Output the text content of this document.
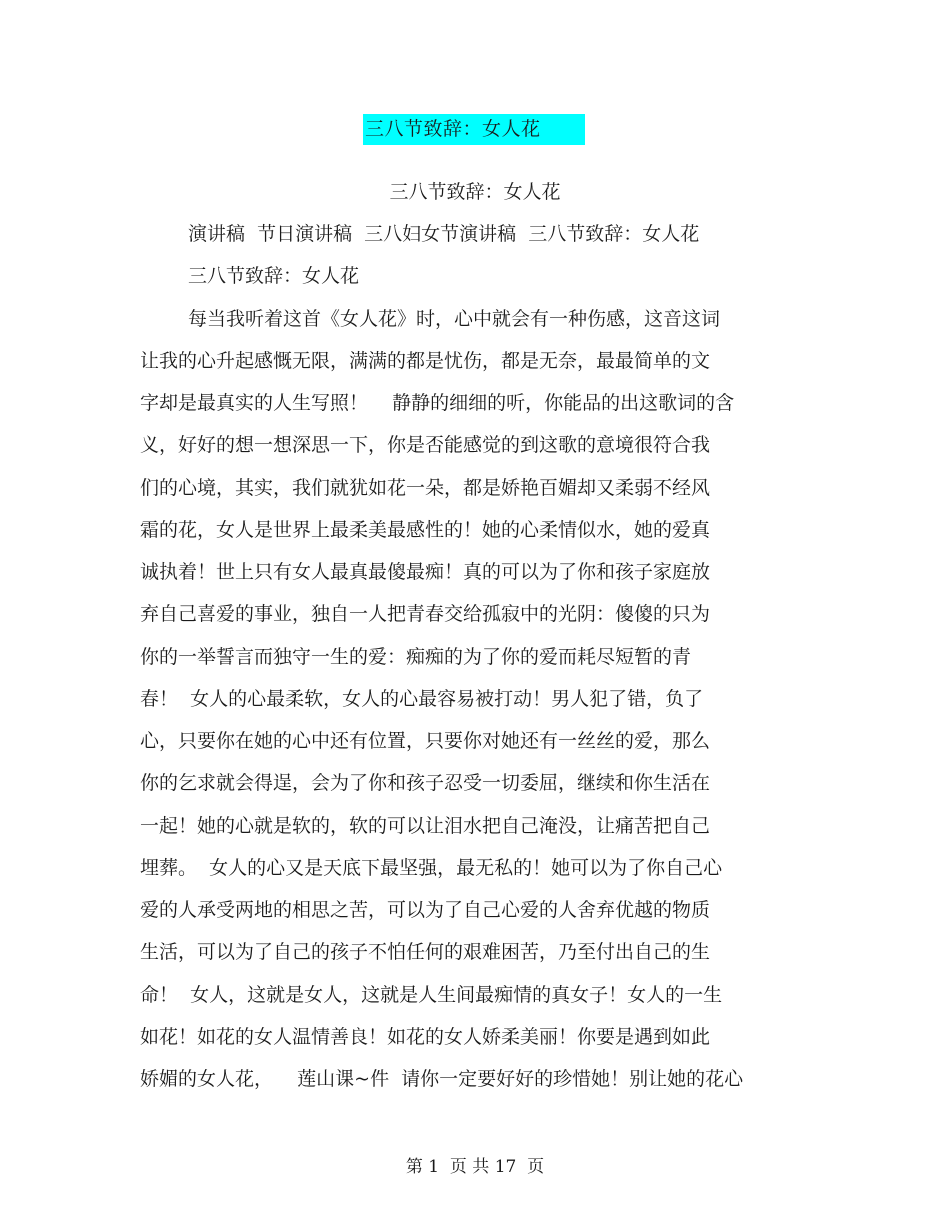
三八节致辞：女人花
三八节致辞：女人花
演讲稿  节日演讲稿  三八妇女节演讲稿  三八节致辞：女人花
三八节致辞：女人花
每当我听着这首《女人花》时，心中就会有一种伤感，这音这词
让我的心升起感慨无限，满满的都是忧伤，都是无奈，最最简单的文
字却是最真实的人生写照！    静静的细细的听，你能品的出这歌词的含
义，好好的想一想深思一下，你是否能感觉的到这歌的意境很符合我
们的心境，其实，我们就犹如花一朵，都是娇艳百媚却又柔弱不经风
霜的花，女人是世界上最柔美最感性的！她的心柔情似水，她的爱真
诚执着！世上只有女人最真最傻最痴！真的可以为了你和孩子家庭放
弃自己喜爱的事业，独自一人把青春交给孤寂中的光阴：傻傻的只为
你的一举誓言而独守一生的爱：痴痴的为了你的爱而耗尽短暂的青
春！  女人的心最柔软，女人的心最容易被打动！男人犯了错，负了
心，只要你在她的心中还有位置，只要你对她还有一丝丝的爱，那么
你的乞求就会得逞，会为了你和孩子忍受一切委屈，继续和你生活在
一起！她的心就是软的，软的可以让泪水把自己淹没，让痛苦把自己
埋葬。  女人的心又是天底下最坚强，最无私的！她可以为了你自己心
爱的人承受两地的相思之苦，可以为了自己心爱的人舍弃优越的物质
生活，可以为了自己的孩子不怕任何的艰难困苦，乃至付出自己的生
命！  女人，这就是女人，这就是人生间最痴情的真女子！女人的一生
如花！如花的女人温情善良！如花的女人娇柔美丽！你要是遇到如此
娇媚的女人花，    莲山课~件  请你一定要好好的珍惜她！别让她的花心
第 1  页 共 17  页
